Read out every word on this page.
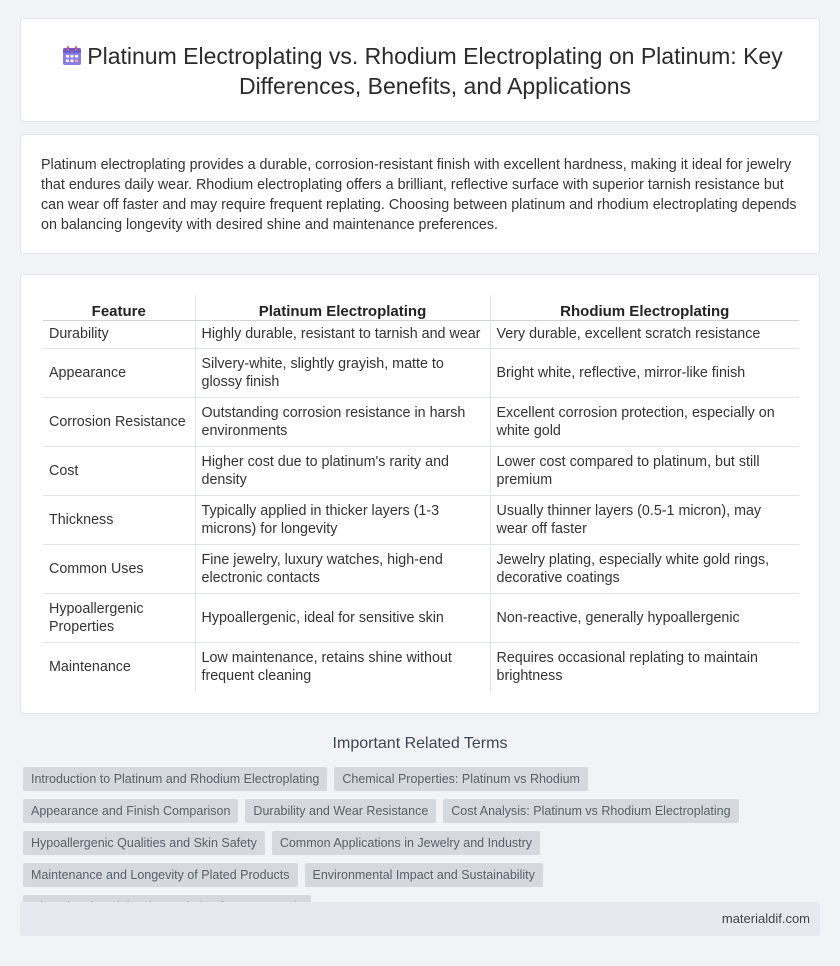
Platinum Electroplating vs. Rhodium Electroplating on Platinum: Key Differences, Benefits, and Applications

Platinum electroplating provides a durable, corrosion-resistant finish with excellent hardness, making it ideal for jewelry that endures daily wear. Rhodium electroplating offers a brilliant, reflective surface with superior tarnish resistance but can wear off faster and may require frequent replating. Choosing between platinum and rhodium electroplating depends on balancing longevity with desired shine and maintenance preferences.

Feature	Platinum Electroplating	Rhodium Electroplating
Durability	Highly durable, resistant to tarnish and wear	Very durable, excellent scratch resistance
Appearance	Silvery-white, slightly grayish, matte to glossy finish	Bright white, reflective, mirror-like finish
Corrosion Resistance	Outstanding corrosion resistance in harsh environments	Excellent corrosion protection, especially on white gold
Cost	Higher cost due to platinum's rarity and density	Lower cost compared to platinum, but still premium
Thickness	Typically applied in thicker layers (1-3 microns) for longevity	Usually thinner layers (0.5-1 micron), may wear off faster
Common Uses	Fine jewelry, luxury watches, high-end electronic contacts	Jewelry plating, especially white gold rings, decorative coatings
Hypoallergenic Properties	Hypoallergenic, ideal for sensitive skin	Non-reactive, generally hypoallergenic
Maintenance	Low maintenance, retains shine without frequent cleaning	Requires occasional replating to maintain brightness
Important Related Terms
Introduction to Platinum and Rhodium Electroplating	Chemical Properties: Platinum vs Rhodium
Appearance and Finish Comparison	Durability and Wear Resistance	Cost Analysis: Platinum vs Rhodium Electroplating
Hypoallergenic Qualities and Skin Safety	Common Applications in Jewelry and Industry
Maintenance and Longevity of Plated Products	Environmental Impact and Sustainability
materialdif.com
